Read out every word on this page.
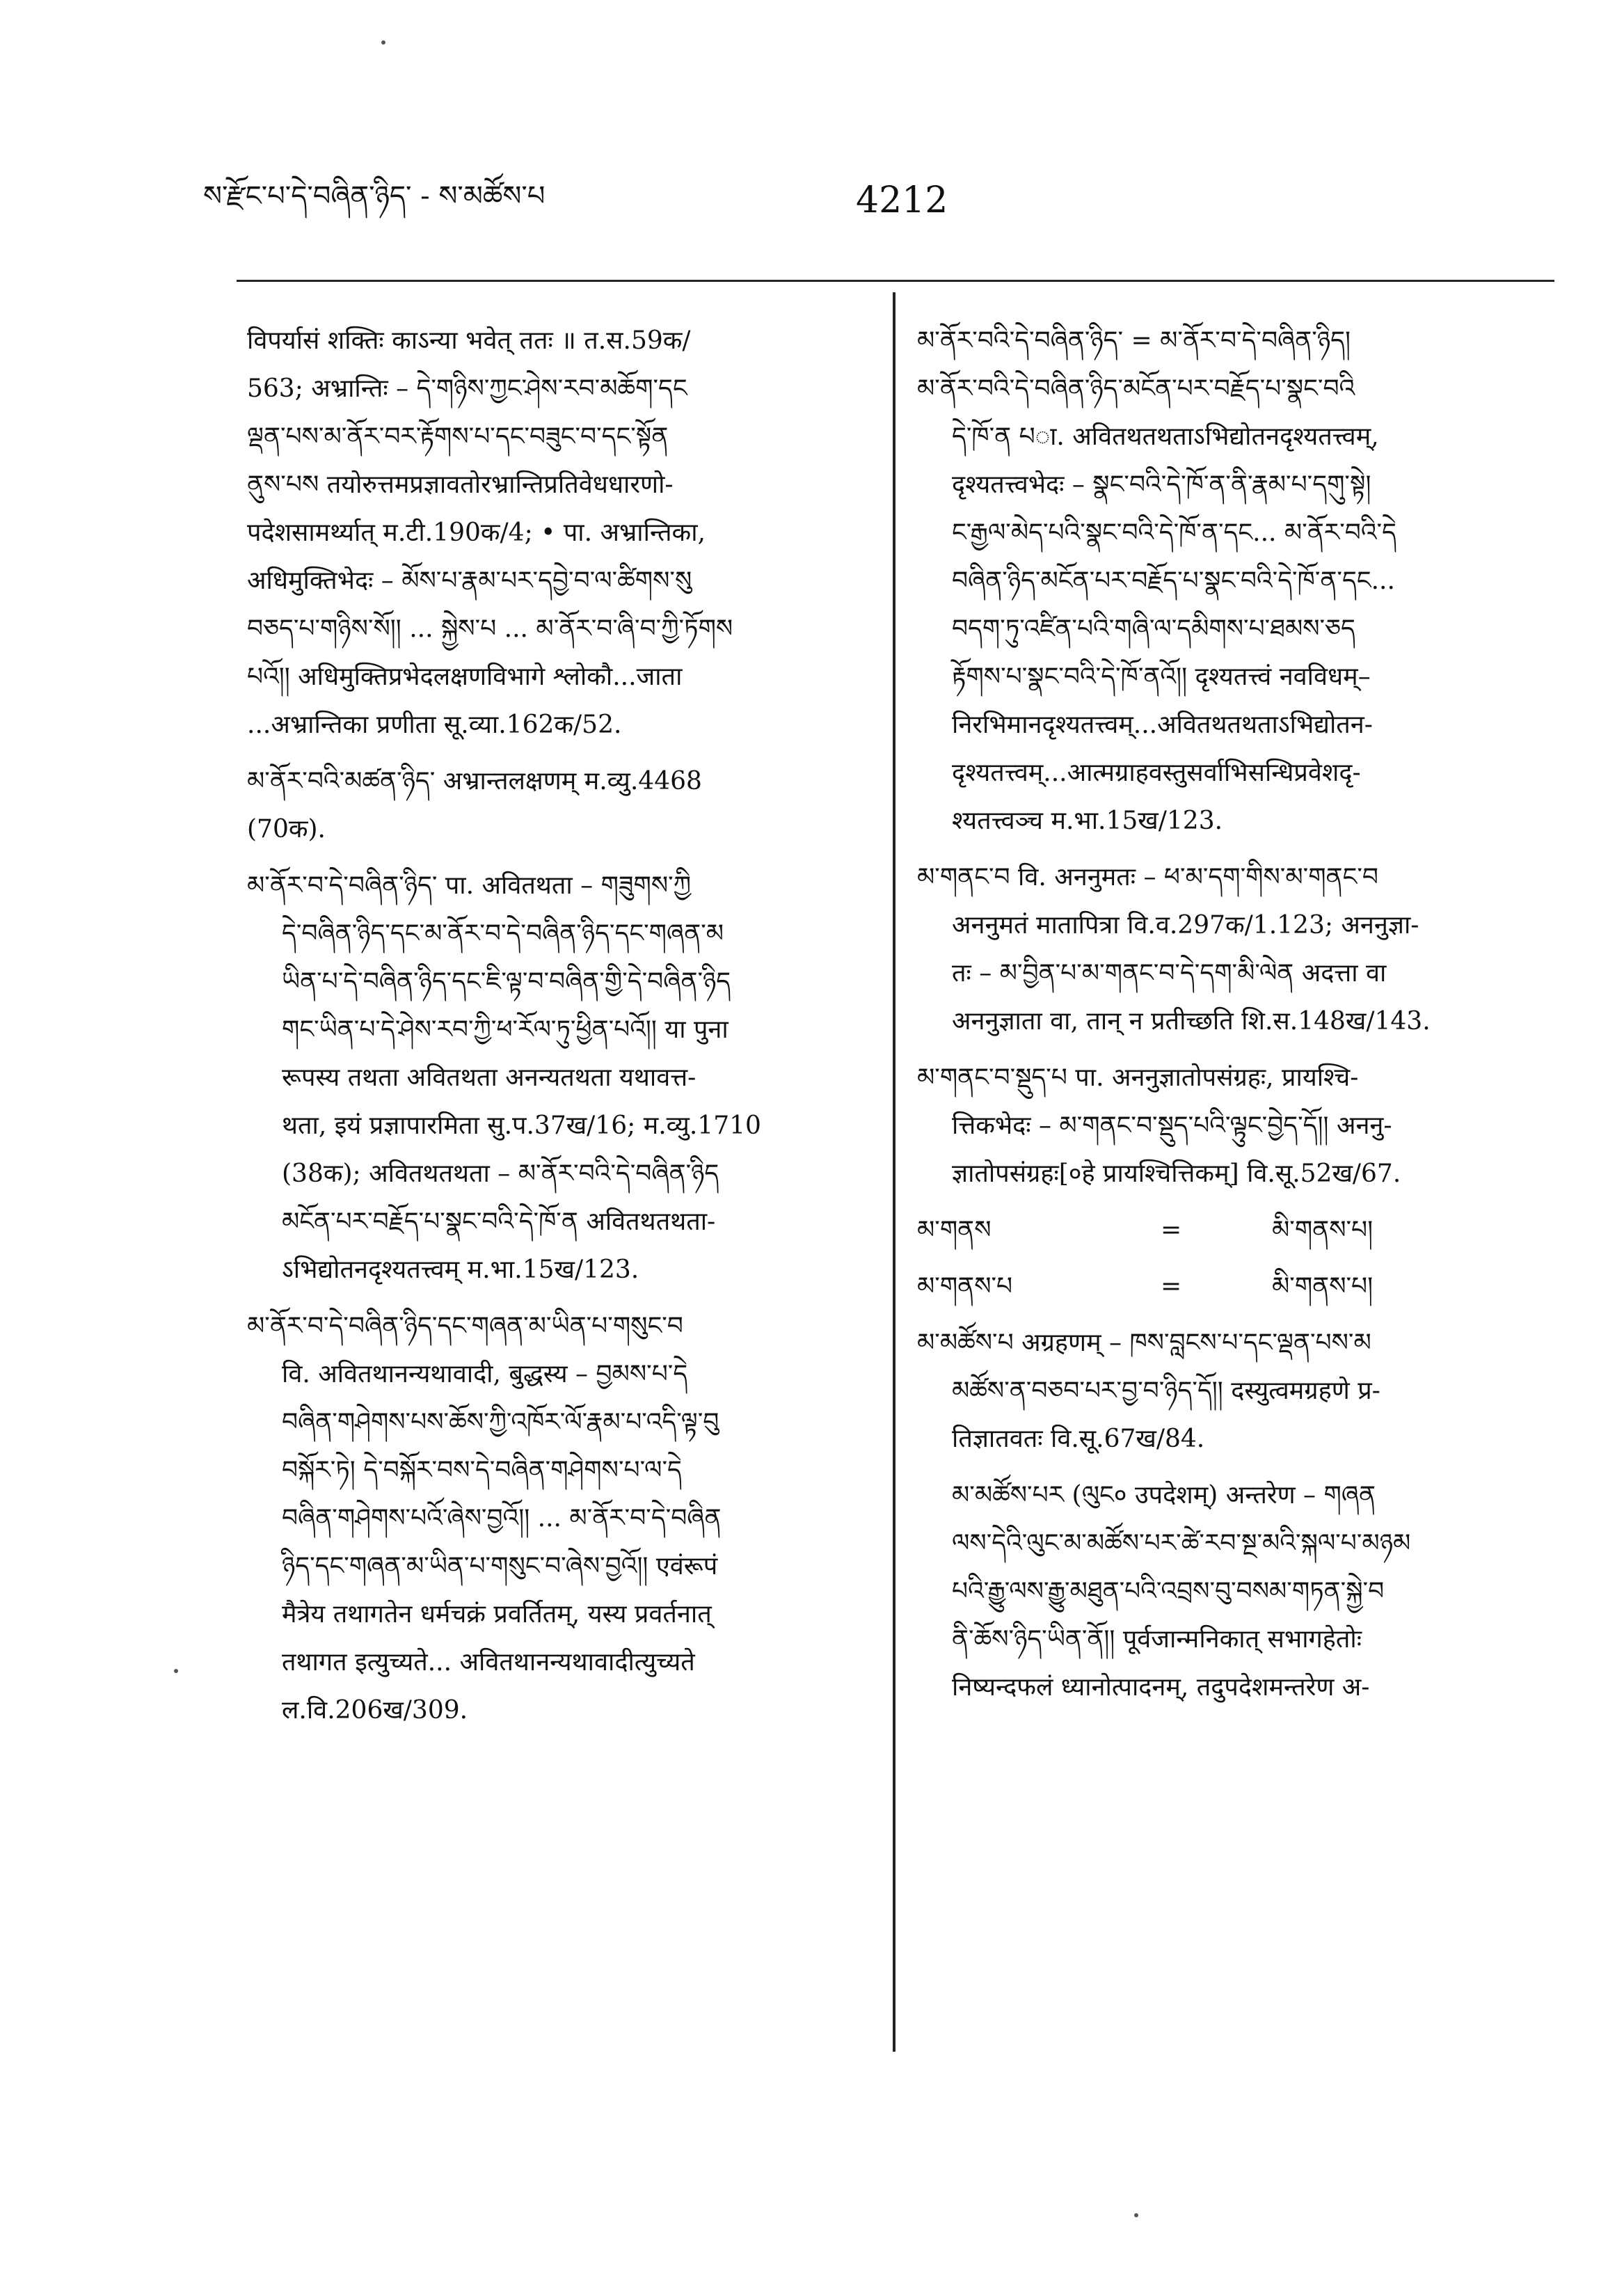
ས་རྫོང་པ་དེ་བཞིན་ཉིད་ - ས་མཚོས་པ	4212
विपर्यासं शक्तिः काऽन्या भवेत् ततः ॥ त.स.59क/
563; अभ्रान्तिः – དེ་གཉིས་ཀྱང་ཤེས་རབ་མཆོག་དང
ལྡན་པས་མ་ནོར་བར་རྟོགས་པ་དང་བཟུང་བ་དང་སྟོན
ནུས་པས तयोरुत्तमप्रज्ञावतोरभ्रान्तिप्रतिवेधधारणो-
पदेशसामर्थ्यात् म.टी.190क/4; • पा. अभ्रान्तिका,
अधिमुक्तिभेदः – མོས་པ་རྣམ་པར་དབྱེ་བ་ལ་ཚིགས་སུ
བཅད་པ་གཉིས་སོ།། ... སྐྱེས་པ ... མ་ནོར་བ་ཞི་བ་ཀྱི་ཏོགས
པའོ།། अधिमुक्तिप्रभेदलक्षणविभागे श्लोकौ...जाता
...अभ्रान्तिका प्रणीता सू.व्या.162क/52.
མ་ནོར་བའི་མཚན་ཉིད་ अभ्रान्तलक्षणम् म.व्यु.4468
(70क).
མ་ནོར་བ་དེ་བཞིན་ཉིད་ पा. अवितथता – གཟུགས་ཀྱི
དེ་བཞིན་ཉིད་དང་མ་ནོར་བ་དེ་བཞིན་ཉིད་དང་གཞན་མ
ཡིན་པ་དེ་བཞིན་ཉིད་དང་ཇི་ལྟ་བ་བཞིན་གྱི་དེ་བཞིན་ཉིད
གང་ཡིན་པ་དེ་ཤེས་རབ་ཀྱི་ཕ་རོལ་ཏུ་ཕྱིན་པའོ།། या पुना
रूपस्य तथता अवितथता अनन्यतथता यथावत्त-
थता, इयं प्रज्ञापारमिता सु.प.37ख/16; म.व्यु.1710
(38क); अवितथतथता – མ་ནོར་བའི་དེ་བཞིན་ཉིད
མངོན་པར་བརྗོད་པ་སྣང་བའི་དེ་ཁོ་ན अवितथतथता-
ऽभिद्योतनदृश्यतत्त्वम् म.भा.15ख/123.
མ་ནོར་བ་དེ་བཞིན་ཉིད་དང་གཞན་མ་ཡིན་པ་གསུང་བ
वि. अवितथानन्यथावादी, बुद्धस्य – བྱམས་པ་དེ
བཞིན་གཤེགས་པས་ཆོས་ཀྱི་འཁོར་ལོ་རྣམ་པ་འདི་ལྟ་བུ
བསྐོར་ཏེ། དེ་བསྐོར་བས་དེ་བཞིན་གཤེགས་པ་ལ་དེ
བཞིན་གཤེགས་པའོ་ཞེས་བྱའོ།། ... མ་ནོར་བ་དེ་བཞིན
ཉིད་དང་གཞན་མ་ཡིན་པ་གསུང་བ་ཞེས་བྱའོ།། एवंरूपं
मैत्रेय तथागतेन धर्मचक्रं प्रवर्तितम्, यस्य प्रवर्तनात्
तथागत इत्युच्यते... अवितथानन्यथावादीत्युच्यते
ल.वि.206ख/309.
མ་ནོར་བའི་དེ་བཞིན་ཉིད་ = མ་ནོར་བ་དེ་བཞིན་ཉིད།
མ་ནོར་བའི་དེ་བཞིན་ཉིད་མངོན་པར་བརྗོད་པ་སྣང་བའི
དེ་ཁོ་ན པा. अवितथतथताऽभिद्योतनदृश्यतत्त्वम्,
दृश्यतत्त्वभेदः – སྣང་བའི་དེ་ཁོ་ན་ནི་རྣམ་པ་དགུ་སྟེ།
ང་རྒྱལ་མེད་པའི་སྣང་བའི་དེ་ཁོ་ན་དང... མ་ནོར་བའི་དེ
བཞིན་ཉིད་མངོན་པར་བརྗོད་པ་སྣང་བའི་དེ་ཁོ་ན་དང...
བདག་ཏུ་འཛིན་པའི་གཞི་ལ་དམིགས་པ་ཐམས་ཅད
རྟོགས་པ་སྣང་བའི་དེ་ཁོ་ནའོ།། दृश्यतत्त्वं नवविधम्–
निरभिमानदृश्यतत्त्वम्...अवितथतथताऽभिद्योतन-
दृश्यतत्त्वम्...आत्मग्राहवस्तुसर्वाभिसन्धिप्रवेशदृ-
श्यतत्त्वञ्च म.भा.15ख/123.
མ་གནང་བ वि. अननुमतः – ཕ་མ་དག་གིས་མ་གནང་བ
अननुमतं मातापित्रा वि.व.297क/1.123; अननुज्ञा-
तः – མ་བྱིན་པ་མ་གནང་བ་དེ་དག་མི་ལེན अदत्ता वा
अननुज्ञाता वा, तान् न प्रतीच्छति शि.स.148ख/143.
མ་གནང་བ་སྡུད་པ पा. अननुज्ञातोपसंग्रहः, प्रायश्चि-
त्तिकभेदः – མ་གནང་བ་སྡུད་པའི་ལྟུང་བྱེད་དོ།། अननु-
ज्ञातोपसंग्रहः[०हे प्रायश्चित्तिकम्] वि.सू.52ख/67.
མ་གནས	=	མི་གནས་པ།
མ་གནས་པ	=	མི་གནས་པ།
མ་མཚོས་པ अग्रहणम् – ཁས་བླངས་པ་དང་ལྡན་པས་མ
མཚོས་ན་བཅབ་པར་བྱ་བ་ཉིད་དོ།། दस्युत्वमग्रहणे प्र-
तिज्ञातवतः वि.सू.67ख/84.
མ་མཚོས་པར (ལུང० उपदेशम्) अन्तरेण – གཞན
ལས་དེའི་ལུང་མ་མཚོས་པར་ཚེ་རབ་སྔ་མའི་སྐལ་པ་མཉམ
པའི་རྒྱུ་ལས་རྒྱུ་མཐུན་པའི་འབྲས་བུ་བསམ་གཏན་སྐྱེ་བ
ནི་ཆོས་ཉིད་ཡིན་ནོ།། पूर्वजान्मनिकात् सभागहेतोः
निष्यन्दफलं ध्यानोत्पादनम्, तदुपदेशमन्तरेण अ-
